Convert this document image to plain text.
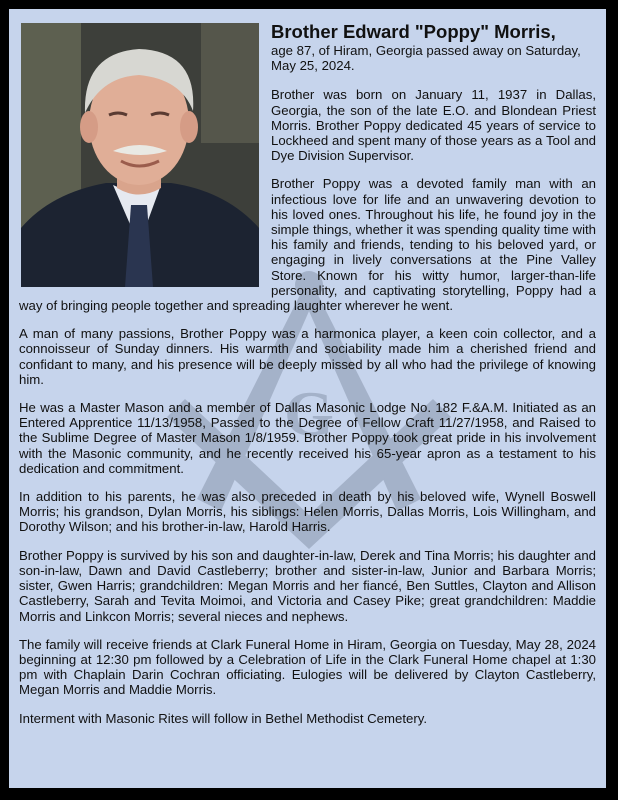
G
Brother Edward "Poppy" Morris,

age 87, of Hiram, Georgia passed away on Saturday, May 25, 2024.

Brother was born on January 11, 1937 in Dallas, Georgia, the son of the late E.O. and Blondean Priest Morris. Brother Poppy dedicated 45 years of service to Lockheed and spent many of those years as a Tool and Dye Division Supervisor.

Brother Poppy was a devoted family man with an infectious love for life and an unwavering devotion to his loved ones. Throughout his life, he found joy in the simple things, whether it was spending quality time with his family and friends, tending to his beloved yard, or engaging in lively conversations at the Pine Valley Store. Known for his witty humor, larger-than-life personality, and captivating storytelling, Poppy had a way of bringing people together and spreading laughter wherever he went.

A man of many passions, Brother Poppy was a harmonica player, a keen coin collector, and a connoisseur of Sunday dinners. His warmth and sociability made him a cherished friend and confidant to many, and his presence will be deeply missed by all who had the privilege of knowing him.

He was a Master Mason and a member of Dallas Masonic Lodge No. 182 F.&A.M. Initiated as an Entered Apprentice 11/13/1958, Passed to the Degree of Fellow Craft 11/27/1958, and Raised to the Sublime Degree of Master Mason 1/8/1959. Brother Poppy took great pride in his involvement with the Masonic community, and he recently received his 65-year apron as a testament to his dedication and commitment.

In addition to his parents, he was also preceded in death by his beloved wife, Wynell Boswell Morris; his grandson, Dylan Morris, his siblings: Helen Morris, Dallas Morris, Lois Willingham, and Dorothy Wilson; and his brother-in-law, Harold Harris.

Brother Poppy is survived by his son and daughter-in-law, Derek and Tina Morris; his daughter and son-in-law, Dawn and David Castleberry; brother and sister-in-law, Junior and Barbara Morris; sister, Gwen Harris; grandchildren: Megan Morris and her fiancé, Ben Suttles, Clayton and Allison Castleberry, Sarah and Tevita Moimoi, and Victoria and Casey Pike; great grandchildren: Maddie Morris and Linkcon Morris; several nieces and nephews.

The family will receive friends at Clark Funeral Home in Hiram, Georgia on Tuesday, May 28, 2024 beginning at 12:30 pm followed by a Celebration of Life in the Clark Funeral Home chapel at 1:30 pm with Chaplain Darin Cochran officiating. Eulogies will be delivered by Clayton Castleberry, Megan Morris and Maddie Morris.

Interment with Masonic Rites will follow in Bethel Methodist Cemetery.
